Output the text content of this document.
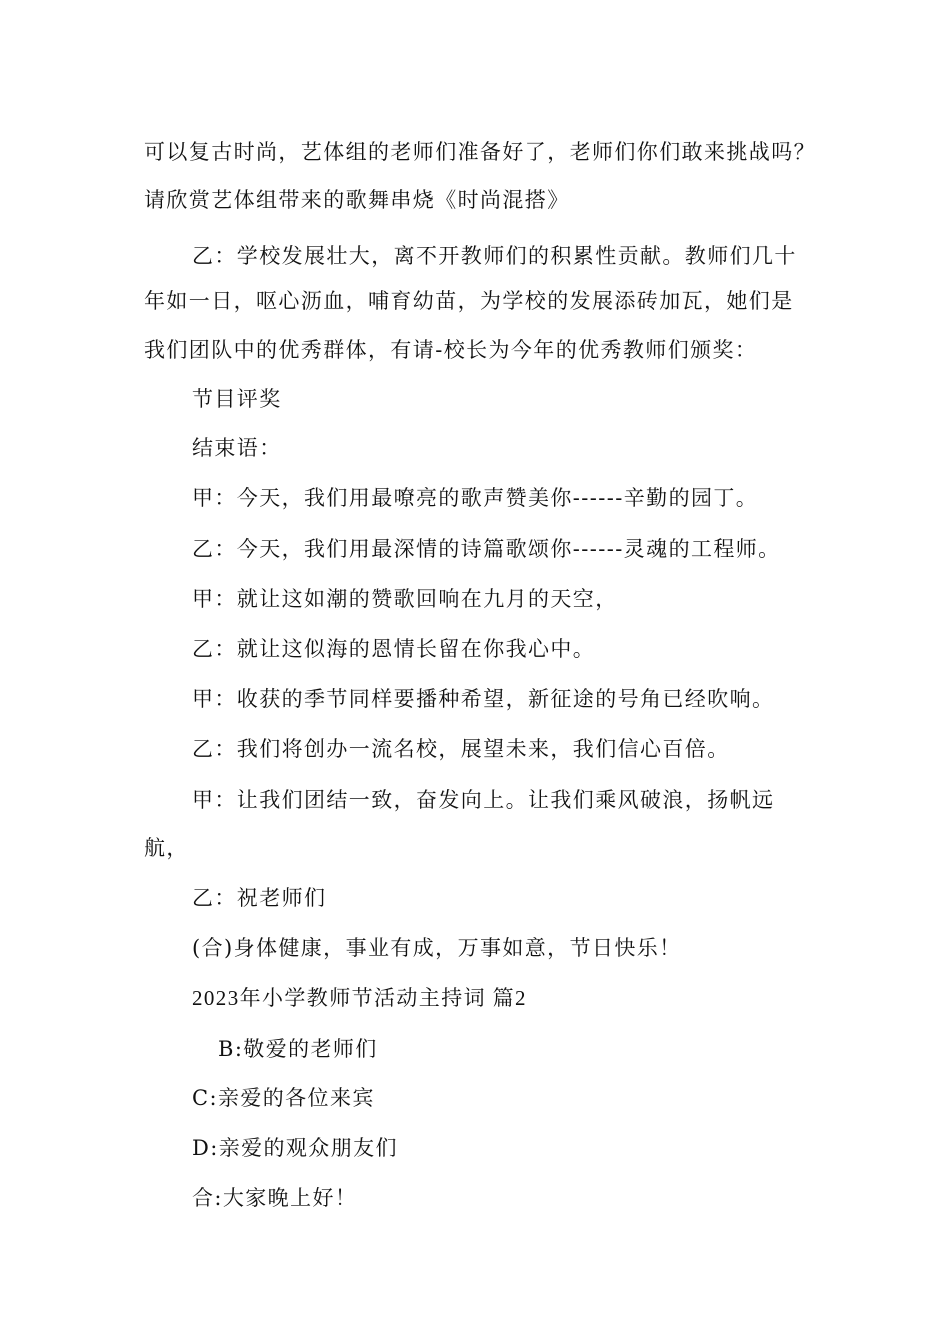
可以复古时尚，艺体组的老师们准备好了，老师们你们敢来挑战吗？
请欣赏艺体组带来的歌舞串烧《时尚混搭》
乙：学校发展壮大，离不开教师们的积累性贡献。教师们几十
年如一日，呕心沥血，哺育幼苗，为学校的发展添砖加瓦，她们是
我们团队中的优秀群体，有请-校长为今年的优秀教师们颁奖：
节目评奖
结束语：
甲：今天，我们用最嘹亮的歌声赞美你------辛勤的园丁。
乙：今天，我们用最深情的诗篇歌颂你------灵魂的工程师。
甲：就让这如潮的赞歌回响在九月的天空，
乙：就让这似海的恩情长留在你我心中。
甲：收获的季节同样要播种希望，新征途的号角已经吹响。
乙：我们将创办一流名校，展望未来，我们信心百倍。
甲：让我们团结一致，奋发向上。让我们乘风破浪，扬帆远
航，
乙：祝老师们
(合)身体健康，事业有成，万事如意，节日快乐！
2023年小学教师节活动主持词 篇2
B:敬爱的老师们
C:亲爱的各位来宾
D:亲爱的观众朋友们
合:大家晚上好！
